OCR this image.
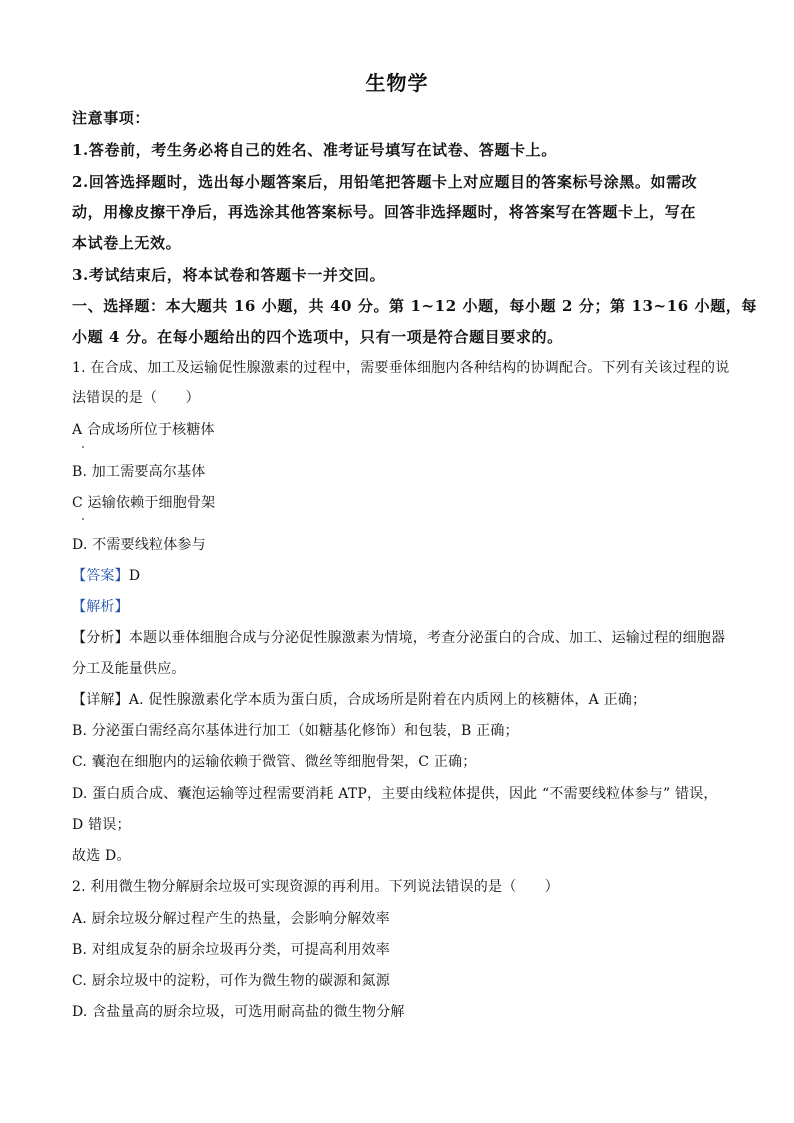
生物学
注意事项：
1.答卷前，考生务必将自己的姓名、准考证号填写在试卷、答题卡上。
2.回答选择题时，选出每小题答案后，用铅笔把答题卡上对应题目的答案标号涂黑。如需改
动，用橡皮擦干净后，再选涂其他答案标号。回答非选择题时，将答案写在答题卡上，写在
本试卷上无效。
3.考试结束后，将本试卷和答题卡一并交回。
一、选择题：本大题共 16 小题，共 40 分。第 1~12 小题，每小题 2 分；第 13~16 小题，每
小题 4 分。在每小题给出的四个选项中，只有一项是符合题目要求的。
1. 在合成、加工及运输促性腺激素的过程中，需要垂体细胞内各种结构的协调配合。下列有关该过程的说
法错误的是（　　）
A 合成场所位于核糖体
B. 加工需要高尔基体
C 运输依赖于细胞骨架
D. 不需要线粒体参与
【答案】D
【解析】
【分析】本题以垂体细胞合成与分泌促性腺激素为情境，考查分泌蛋白的合成、加工、运输过程的细胞器
分工及能量供应。
【详解】A. 促性腺激素化学本质为蛋白质，合成场所是附着在内质网上的核糖体，A 正确；
B. 分泌蛋白需经高尔基体进行加工（如糖基化修饰）和包装，B 正确；
C. 囊泡在细胞内的运输依赖于微管、微丝等细胞骨架，C 正确；
D. 蛋白质合成、囊泡运输等过程需要消耗 ATP，主要由线粒体提供，因此 “不需要线粒体参与” 错误，
D 错误；
故选 D。
2. 利用微生物分解厨余垃圾可实现资源的再利用。下列说法错误的是（　　）
A. 厨余垃圾分解过程产生的热量，会影响分解效率
B. 对组成复杂的厨余垃圾再分类，可提高利用效率
C. 厨余垃圾中的淀粉，可作为微生物的碳源和氮源
D. 含盐量高的厨余垃圾，可选用耐高盐的微生物分解
